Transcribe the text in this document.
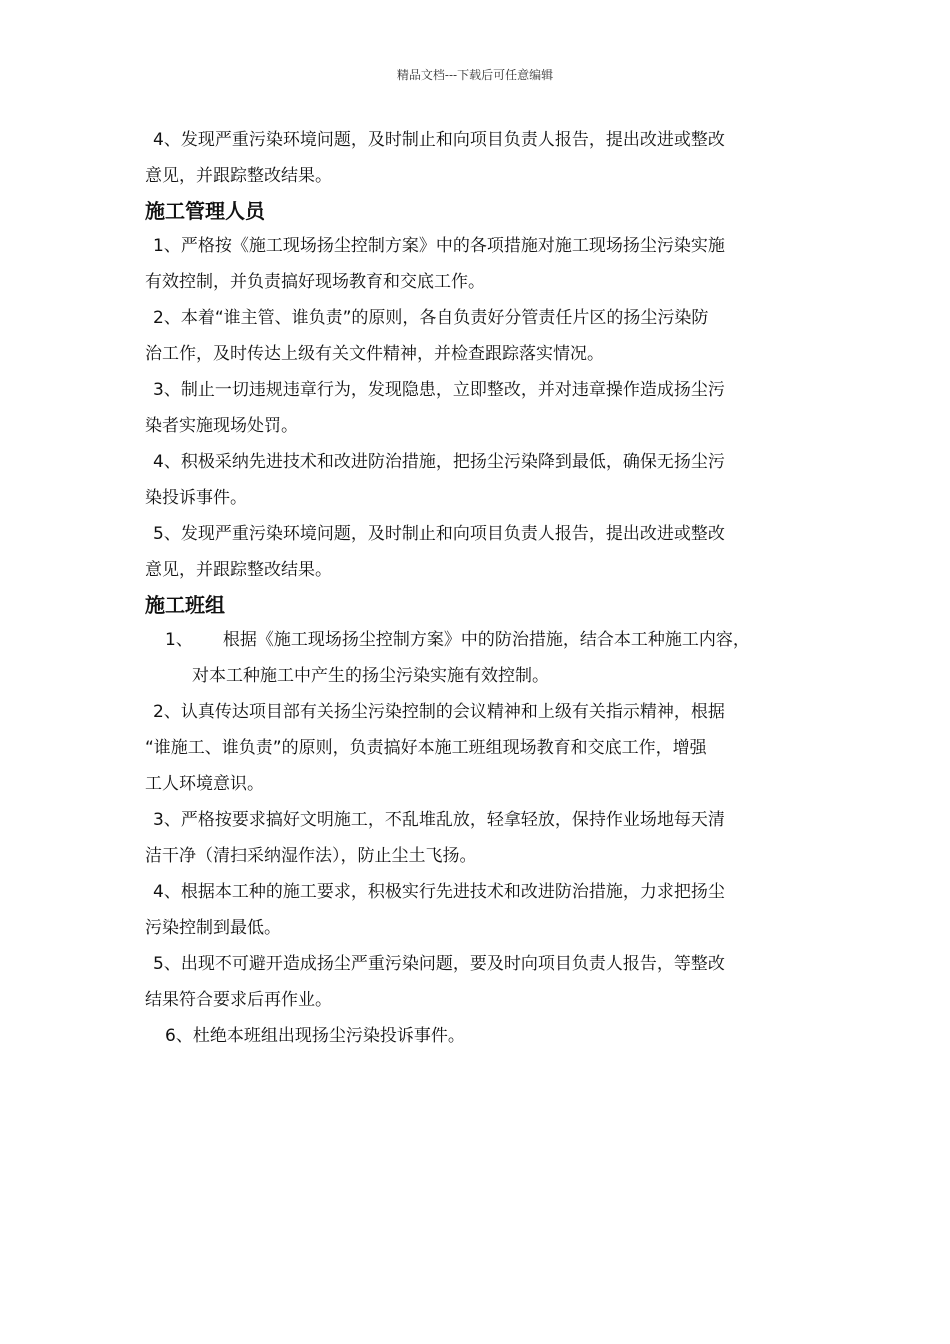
精品文档---下载后可任意编辑
4、发现严重污染环境问题，及时制止和向项目负责人报告，提出改进或整改
意见，并跟踪整改结果。
施工管理人员
1、严格按《施工现场扬尘控制方案》中的各项措施对施工现场扬尘污染实施
有效控制，并负责搞好现场教育和交底工作。
2、本着“谁主管、谁负责”的原则，各自负责好分管责任片区的扬尘污染防
治工作，及时传达上级有关文件精神，并检查跟踪落实情况。
3、制止一切违规违章行为，发现隐患，立即整改，并对违章操作造成扬尘污
染者实施现场处罚。
4、积极采纳先进技术和改进防治措施，把扬尘污染降到最低，确保无扬尘污
染投诉事件。
5、发现严重污染环境问题，及时制止和向项目负责人报告，提出改进或整改
意见，并跟踪整改结果。
施工班组
1、 根据《施工现场扬尘控制方案》中的防治措施，结合本工种施工内容，
对本工种施工中产生的扬尘污染实施有效控制。
2、认真传达项目部有关扬尘污染控制的会议精神和上级有关指示精神，根据
“谁施工、谁负责”的原则，负责搞好本施工班组现场教育和交底工作，增强
工人环境意识。
3、严格按要求搞好文明施工，不乱堆乱放，轻拿轻放，保持作业场地每天清
洁干净（清扫采纳湿作法），防止尘土飞扬。
4、根据本工种的施工要求，积极实行先进技术和改进防治措施，力求把扬尘
污染控制到最低。
5、出现不可避开造成扬尘严重污染问题，要及时向项目负责人报告，等整改
结果符合要求后再作业。
6、杜绝本班组出现扬尘污染投诉事件。
